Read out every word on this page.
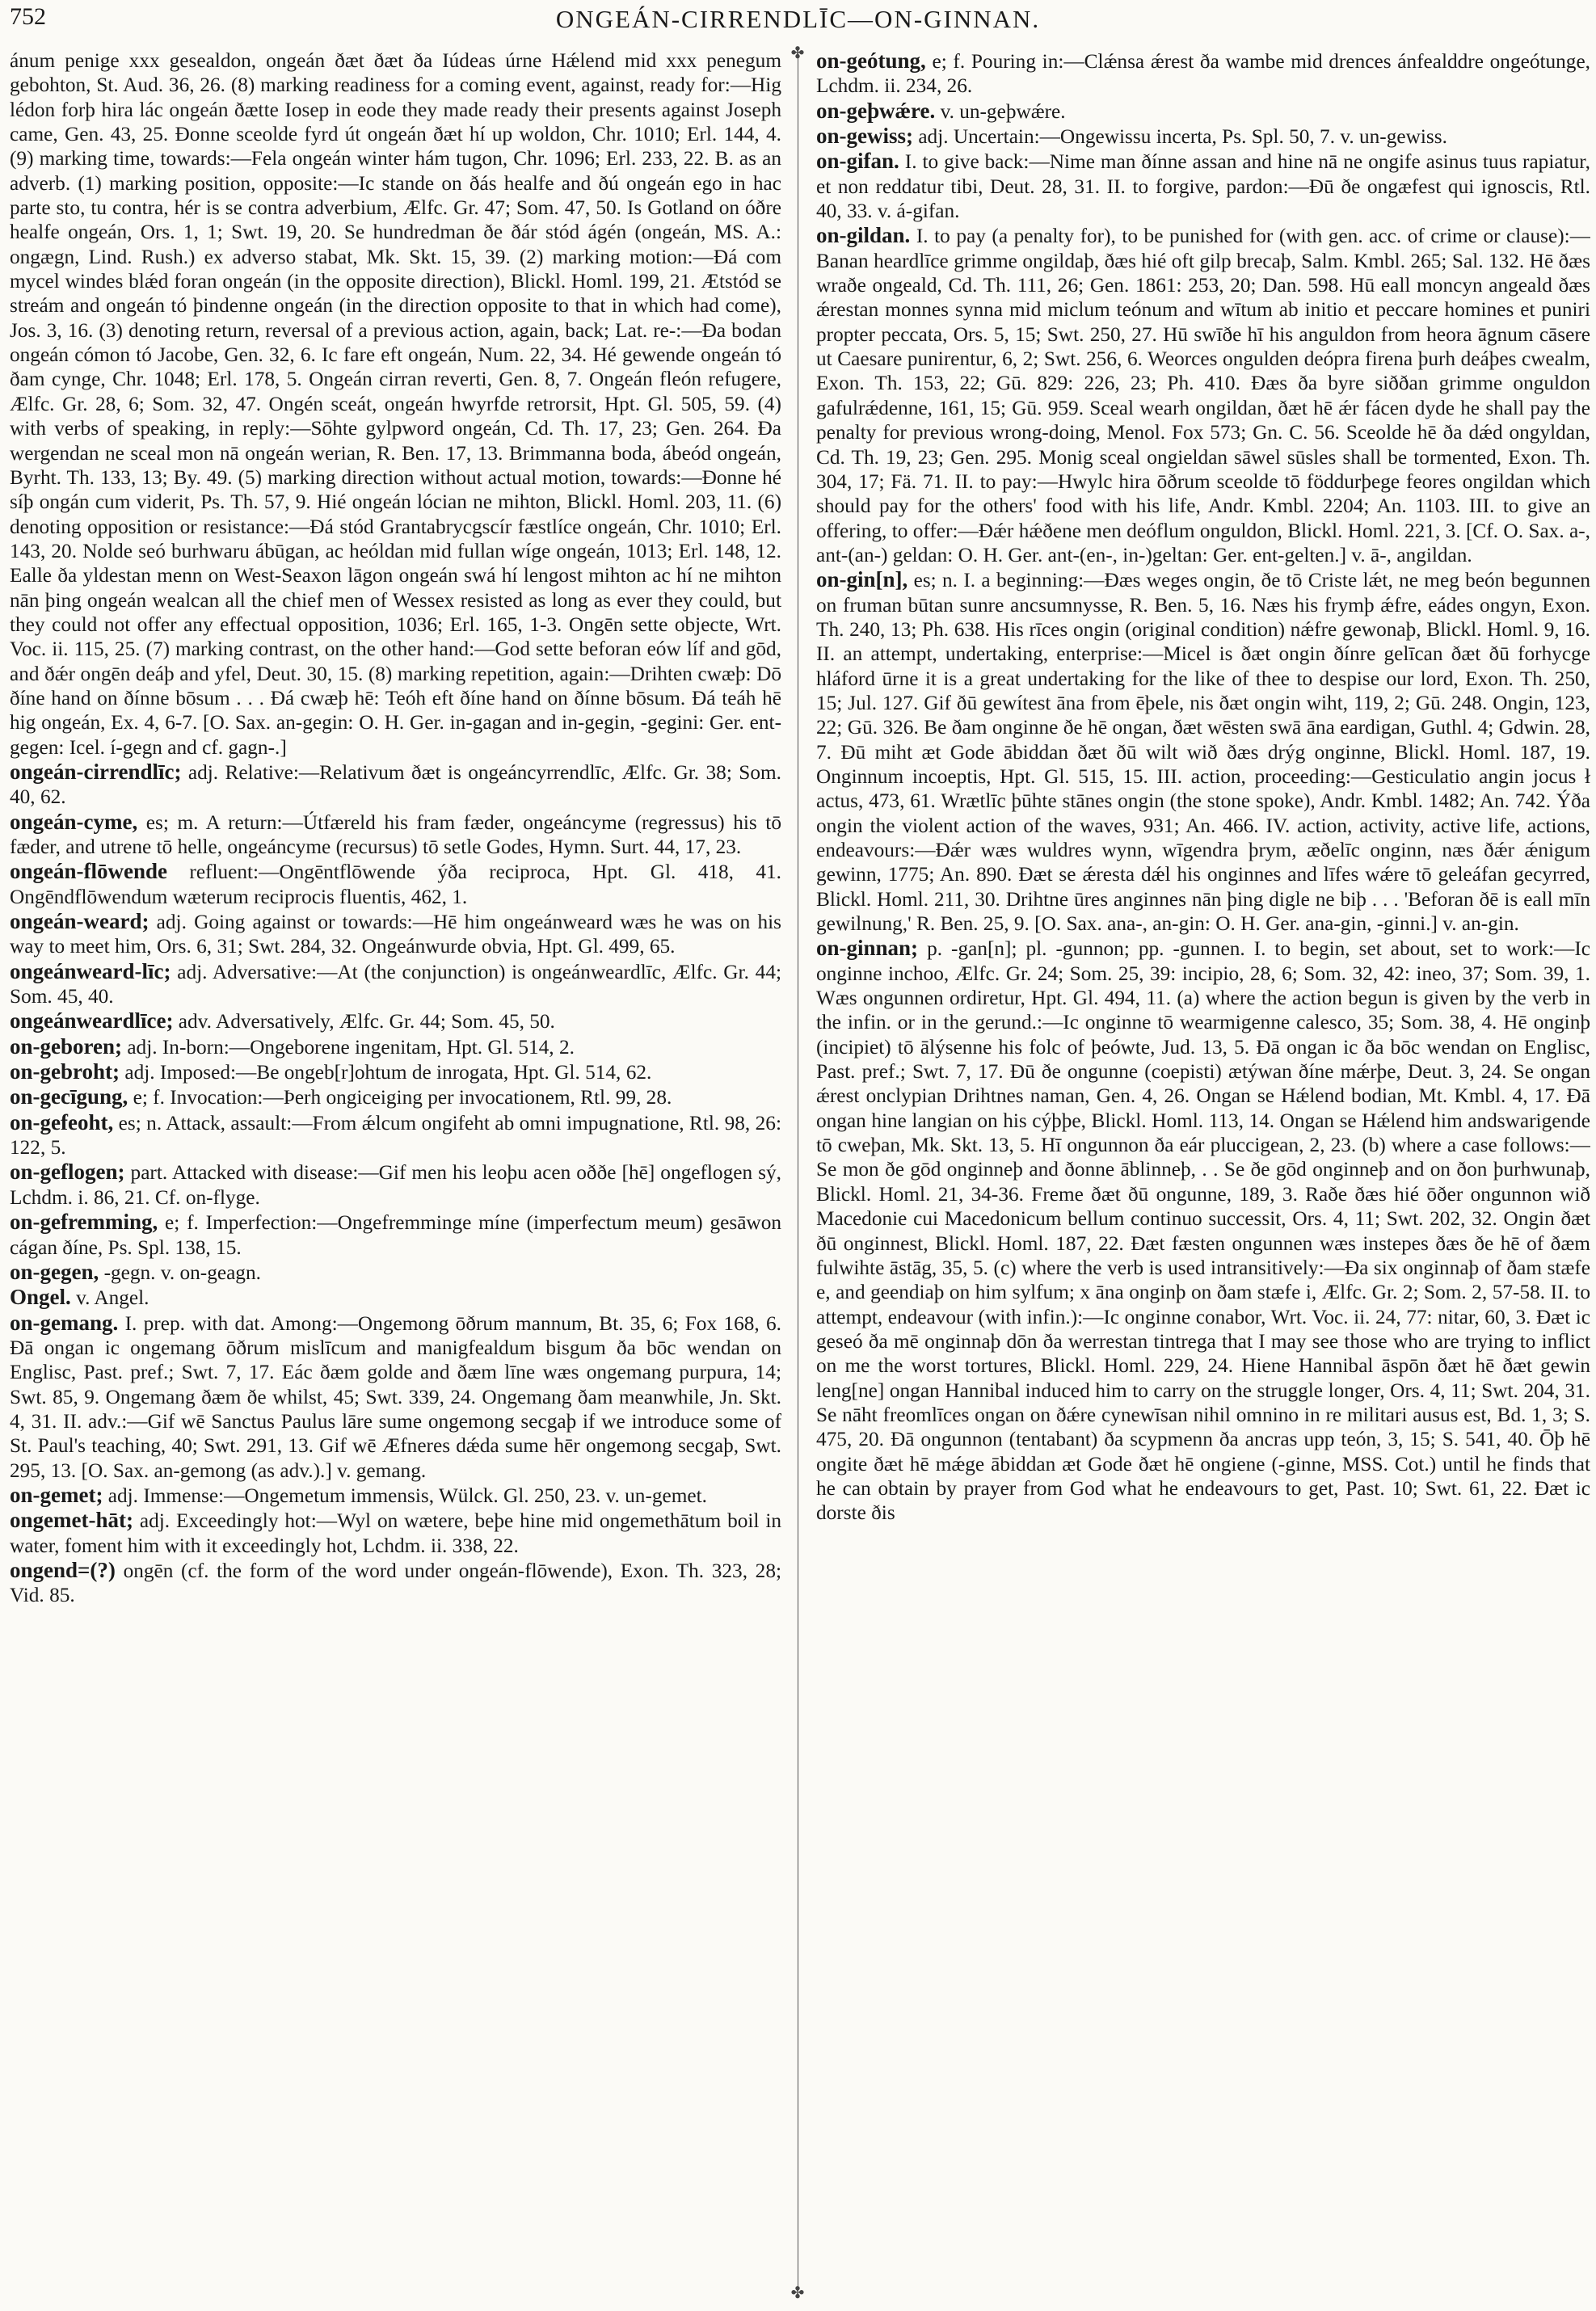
752	ONGEÁN-CIRRENDLĪC—ON-GINNAN.
✤
✤

ánum penige xxx gesealdon, ongeán ðæt ðæt ða Iúdeas úrne Hǽlend mid xxx penegum gebohton, St. Aud. 36, 26. (8) marking readiness for a coming event, against, ready for:—Hig lédon forþ hira lác ongeán ðætte Iosep in eode they made ready their presents against Joseph came, Gen. 43, 25. Ðonne sceolde fyrd út ongeán ðæt hí up woldon, Chr. 1010; Erl. 144, 4. (9) marking time, towards:—Fela ongeán winter hám tugon, Chr. 1096; Erl. 233, 22. B. as an adverb. (1) marking position, opposite:—Ic stande on ðás healfe and ðú ongeán ego in hac parte sto, tu contra, hér is se contra adverbium, Ælfc. Gr. 47; Som. 47, 50. Is Gotland on óðre healfe ongeán, Ors. 1, 1; Swt. 19, 20. Se hundredman ðe ðár stód ágén (ongeán, MS. A.: ongægn, Lind. Rush.) ex adverso stabat, Mk. Skt. 15, 39. (2) marking motion:—Ðá com mycel windes blǽd foran ongeán (in the opposite direction), Blickl. Homl. 199, 21. Ætstód se streám and ongeán tó þindenne ongeán (in the direction opposite to that in which had come), Jos. 3, 16. (3) denoting return, reversal of a previous action, again, back; Lat. re-:—Ða bodan ongeán cómon tó Jacobe, Gen. 32, 6. Ic fare eft ongeán, Num. 22, 34. Hé gewende ongeán tó ðam cynge, Chr. 1048; Erl. 178, 5. Ongeán cirran reverti, Gen. 8, 7. Ongeán fleón refugere, Ælfc. Gr. 28, 6; Som. 32, 47. Ongén sceát, ongeán hwyrfde retrorsit, Hpt. Gl. 505, 59. (4) with verbs of speaking, in reply:—Sōhte gylpword ongeán, Cd. Th. 17, 23; Gen. 264. Ða wergendan ne sceal mon nā ongeán werian, R. Ben. 17, 13. Brimmanna boda, ábeód ongeán, Byrht. Th. 133, 13; By. 49. (5) marking direction without actual motion, towards:—Ðonne hé síþ ongán cum viderit, Ps. Th. 57, 9. Hié ongeán lócian ne mihton, Blickl. Homl. 203, 11. (6) denoting opposition or resistance:—Ðá stód Grantabrycgscír fæstlíce ongeán, Chr. 1010; Erl. 143, 20. Nolde seó burhwaru ábūgan, ac heóldan mid fullan wíge ongeán, 1013; Erl. 148, 12. Ealle ða yldestan menn on West-Seaxon lāgon ongeán swá hí lengost mihton ac hí ne mihton nān þing ongeán wealcan all the chief men of Wessex resisted as long as ever they could, but they could not offer any effectual opposition, 1036; Erl. 165, 1-3. Ongēn sette objecte, Wrt. Voc. ii. 115, 25. (7) marking contrast, on the other hand:—God sette beforan eów líf and gōd, and ðǽr ongēn deáþ and yfel, Deut. 30, 15. (8) marking repetition, again:—Drihten cwæþ: Dō ðíne hand on ðínne bōsum . . . Ðá cwæþ hē: Teóh eft ðíne hand on ðínne bōsum. Ðá teáh hē hig ongeán, Ex. 4, 6-7. [O. Sax. an-gegin: O. H. Ger. in-gagan and in-gegin, -gegini: Ger. ent-gegen: Icel. í-gegn and cf. gagn-.]

ongeán-cirrendlīc; adj. Relative:—Relativum ðæt is ongeáncyrrendlīc, Ælfc. Gr. 38; Som. 40, 62.

ongeán-cyme, es; m. A return:—Útfæreld his fram fæder, ongeáncyme (regressus) his tō fæder, and utrene tō helle, ongeáncyme (recursus) tō setle Godes, Hymn. Surt. 44, 17, 23.

ongeán-flōwende refluent:—Ongēntflōwende ýða reciproca, Hpt. Gl. 418, 41. Ongēndflōwendum wæterum reciprocis fluentis, 462, 1.

ongeán-weard; adj. Going against or towards:—Hē him ongeánweard wæs he was on his way to meet him, Ors. 6, 31; Swt. 284, 32. Ongeánwurde obvia, Hpt. Gl. 499, 65.

ongeánweard-līc; adj. Adversative:—At (the conjunction) is ongeánweardlīc, Ælfc. Gr. 44; Som. 45, 40.

ongeánweardlīce; adv. Adversatively, Ælfc. Gr. 44; Som. 45, 50.

on-geboren; adj. In-born:—Ongeborene ingenitam, Hpt. Gl. 514, 2.

on-gebroht; adj. Imposed:—Be ongeb[r]ohtum de inrogata, Hpt. Gl. 514, 62.

on-gecīgung, e; f. Invocation:—Þerh ongiceiging per invocationem, Rtl. 99, 28.

on-gefeoht, es; n. Attack, assault:—From ǽlcum ongifeht ab omni impugnatione, Rtl. 98, 26: 122, 5.

on-geflogen; part. Attacked with disease:—Gif men his leoþu acen oððe [hē] ongeflogen sý, Lchdm. i. 86, 21. Cf. on-flyge.

on-gefremming, e; f. Imperfection:—Ongefremminge míne (imperfectum meum) gesāwon cágan ðíne, Ps. Spl. 138, 15.

on-gegen, -gegn. v. on-geagn.

Ongel. v. Angel.

on-gemang. I. prep. with dat. Among:—Ongemong ōðrum mannum, Bt. 35, 6; Fox 168, 6. Ðā ongan ic ongemang ōðrum mislīcum and manigfealdum bisgum ða bōc wendan on Englisc, Past. pref.; Swt. 7, 17. Eác ðæm golde and ðæm līne wæs ongemang purpura, 14; Swt. 85, 9. Ongemang ðæm ðe whilst, 45; Swt. 339, 24. Ongemang ðam meanwhile, Jn. Skt. 4, 31. II. adv.:—Gif wē Sanctus Paulus lāre sume ongemong secgaþ if we introduce some of St. Paul's teaching, 40; Swt. 291, 13. Gif wē Æfneres dǽda sume hēr ongemong secgaþ, Swt. 295, 13. [O. Sax. an-gemong (as adv.).] v. gemang.

on-gemet; adj. Immense:—Ongemetum immensis, Wülck. Gl. 250, 23. v. un-gemet.

ongemet-hāt; adj. Exceedingly hot:—Wyl on wætere, beþe hine mid ongemethātum boil in water, foment him with it exceedingly hot, Lchdm. ii. 338, 22.

ongend=(?) ongēn (cf. the form of the word under ongeán-flōwende), Exon. Th. 323, 28; Vid. 85.

on-geótung, e; f. Pouring in:—Clǽnsa ǽrest ða wambe mid drences ánfealddre ongeótunge, Lchdm. ii. 234, 26.

on-geþwǽre. v. un-geþwǽre.

on-gewiss; adj. Uncertain:—Ongewissu incerta, Ps. Spl. 50, 7. v. un-gewiss.

on-gifan. I. to give back:—Nime man ðínne assan and hine nā ne ongife asinus tuus rapiatur, et non reddatur tibi, Deut. 28, 31. II. to forgive, pardon:—Ðū ðe ongæfest qui ignoscis, Rtl. 40, 33. v. á-gifan.

on-gildan. I. to pay (a penalty for), to be punished for (with gen. acc. of crime or clause):—Banan heardlīce grimme ongildaþ, ðæs hié oft gilp brecaþ, Salm. Kmbl. 265; Sal. 132. Hē ðæs wraðe ongeald, Cd. Th. 111, 26; Gen. 1861: 253, 20; Dan. 598. Hū eall moncyn angeald ðæs ǽrestan monnes synna mid miclum teónum and wītum ab initio et peccare homines et puniri propter peccata, Ors. 5, 15; Swt. 250, 27. Hū swīðe hī his anguldon from heora āgnum cāsere ut Caesare punirentur, 6, 2; Swt. 256, 6. Weorces ongulden deópra firena þurh deáþes cwealm, Exon. Th. 153, 22; Gū. 829: 226, 23; Ph. 410. Ðæs ða byre siððan grimme onguldon gafulrǽdenne, 161, 15; Gū. 959. Sceal wearh ongildan, ðæt hē ǽr fácen dyde he shall pay the penalty for previous wrong-doing, Menol. Fox 573; Gn. C. 56. Sceolde hē ða dǽd ongyldan, Cd. Th. 19, 23; Gen. 295. Monig sceal ongieldan sāwel sūsles shall be tormented, Exon. Th. 304, 17; Fä. 71. II. to pay:—Hwylc hira ōðrum sceolde tō föddurþege feores ongildan which should pay for the others' food with his life, Andr. Kmbl. 2204; An. 1103. III. to give an offering, to offer:—Ðǽr hǽðene men deóflum onguldon, Blickl. Homl. 221, 3. [Cf. O. Sax. a-, ant-(an-) geldan: O. H. Ger. ant-(en-, in-)geltan: Ger. ent-gelten.] v. ā-, angildan.

on-gin[n], es; n. I. a beginning:—Ðæs weges ongin, ðe tō Criste lǽt, ne meg beón begunnen on fruman būtan sunre ancsumnysse, R. Ben. 5, 16. Næs his frymþ ǽfre, eádes ongyn, Exon. Th. 240, 13; Ph. 638. His rīces ongin (original condition) nǽfre gewonaþ, Blickl. Homl. 9, 16. II. an attempt, undertaking, enterprise:—Micel is ðæt ongin ðínre gelīcan ðæt ðū forhycge hláford ūrne it is a great undertaking for the like of thee to despise our lord, Exon. Th. 250, 15; Jul. 127. Gif ðū gewítest āna from ēþele, nis ðæt ongin wiht, 119, 2; Gū. 248. Ongin, 123, 22; Gū. 326. Be ðam onginne ðe hē ongan, ðæt wēsten swā āna eardigan, Guthl. 4; Gdwin. 28, 7. Ðū miht æt Gode ābiddan ðæt ðū wilt wið ðæs drýg onginne, Blickl. Homl. 187, 19. Onginnum incoeptis, Hpt. Gl. 515, 15. III. action, proceeding:—Gesticulatio angin jocus ł actus, 473, 61. Wrætlīc þūhte stānes ongin (the stone spoke), Andr. Kmbl. 1482; An. 742. Ýða ongin the violent action of the waves, 931; An. 466. IV. action, activity, active life, actions, endeavours:—Ðǽr wæs wuldres wynn, wīgendra þrym, æðelīc onginn, næs ðǽr ǽnigum gewinn, 1775; An. 890. Ðæt se ǽresta dǽl his onginnes and līfes wǽre tō geleáfan gecyrred, Blickl. Homl. 211, 30. Drihtne ūres anginnes nān þing digle ne biþ . . . 'Beforan ðē is eall mīn gewilnung,' R. Ben. 25, 9. [O. Sax. ana-, an-gin: O. H. Ger. ana-gin, -ginni.] v. an-gin.

on-ginnan; p. -gan[n]; pl. -gunnon; pp. -gunnen. I. to begin, set about, set to work:—Ic onginne inchoo, Ælfc. Gr. 24; Som. 25, 39: incipio, 28, 6; Som. 32, 42: ineo, 37; Som. 39, 1. Wæs ongunnen ordiretur, Hpt. Gl. 494, 11. (a) where the action begun is given by the verb in the infin. or in the gerund.:—Ic onginne tō wearmigenne calesco, 35; Som. 38, 4. Hē onginþ (incipiet) tō ālýsenne his folc of þeówte, Jud. 13, 5. Ðā ongan ic ða bōc wendan on Englisc, Past. pref.; Swt. 7, 17. Ðū ðe ongunne (coepisti) ætýwan ðíne mǽrþe, Deut. 3, 24. Se ongan ǽrest onclypian Drihtnes naman, Gen. 4, 26. Ongan se Hǽlend bodian, Mt. Kmbl. 4, 17. Ðā ongan hine langian on his cýþþe, Blickl. Homl. 113, 14. Ongan se Hǽlend him andswarigende tō cweþan, Mk. Skt. 13, 5. Hī ongunnon ða eár pluccigean, 2, 23. (b) where a case follows:—Se mon ðe gōd onginneþ and ðonne āblinneþ, . . Se ðe gōd onginneþ and on ðon þurhwunaþ, Blickl. Homl. 21, 34-36. Freme ðæt ðū ongunne, 189, 3. Raðe ðæs hié ōðer ongunnon wið Macedonie cui Macedonicum bellum continuo successit, Ors. 4, 11; Swt. 202, 32. Ongin ðæt ðū onginnest, Blickl. Homl. 187, 22. Ðæt fæsten ongunnen wæs instepes ðæs ðe hē of ðæm fulwihte āstāg, 35, 5. (c) where the verb is used intransitively:—Ða six onginnaþ of ðam stæfe e, and geendiaþ on him sylfum; x āna onginþ on ðam stæfe i, Ælfc. Gr. 2; Som. 2, 57-58. II. to attempt, endeavour (with infin.):—Ic onginne conabor, Wrt. Voc. ii. 24, 77: nitar, 60, 3. Ðæt ic geseó ða mē onginnaþ dōn ða werrestan tintrega that I may see those who are trying to inflict on me the worst tortures, Blickl. Homl. 229, 24. Hiene Hannibal āspōn ðæt hē ðæt gewin leng[ne] ongan Hannibal induced him to carry on the struggle longer, Ors. 4, 11; Swt. 204, 31. Se nāht freomlīces ongan on ðǽre cynewīsan nihil omnino in re militari ausus est, Bd. 1, 3; S. 475, 20. Ðā ongunnon (tentabant) ða scypmenn ða ancras upp teón, 3, 15; S. 541, 40. Ōþ hē ongite ðæt hē mǽge ābiddan æt Gode ðæt hē ongiene (-ginne, MSS. Cot.) until he finds that he can obtain by prayer from God what he endeavours to get, Past. 10; Swt. 61, 22. Ðæt ic dorste ðis
